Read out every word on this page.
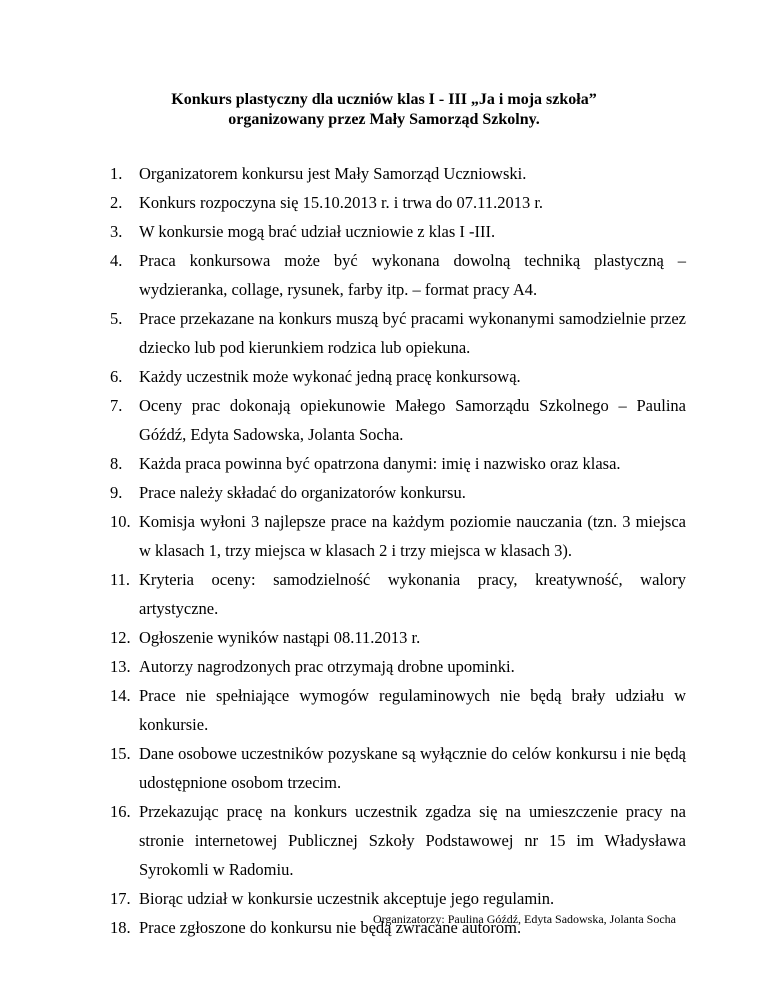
Konkurs plastyczny dla uczniów klas I - III „Ja i moja szkoła”
organizowany przez Mały Samorząd Szkolny.
1. Organizatorem konkursu jest Mały Samorząd Uczniowski.
2. Konkurs rozpoczyna się 15.10.2013 r. i trwa do 07.11.2013 r.
3. W konkursie mogą brać udział uczniowie z klas I -III.
4. Praca konkursowa może być wykonana dowolną techniką plastyczną – wydzieranka, collage, rysunek, farby itp. – format pracy A4.
5. Prace przekazane na konkurs muszą być pracami wykonanymi samodzielnie przez dziecko lub pod kierunkiem rodzica lub opiekuna.
6. Każdy uczestnik może wykonać jedną pracę konkursową.
7. Oceny prac dokonają opiekunowie Małego Samorządu Szkolnego – Paulina Góźdź, Edyta Sadowska, Jolanta Socha.
8. Każda praca powinna być opatrzona danymi: imię i nazwisko oraz klasa.
9. Prace należy składać do organizatorów konkursu.
10. Komisja wyłoni 3 najlepsze prace na każdym poziomie nauczania (tzn. 3 miejsca w klasach 1, trzy miejsca w klasach 2 i trzy miejsca w klasach 3).
11. Kryteria oceny: samodzielność wykonania pracy, kreatywność, walory artystyczne.
12. Ogłoszenie wyników nastąpi 08.11.2013 r.
13. Autorzy nagrodzonych prac otrzymają drobne upominki.
14. Prace nie spełniające wymogów regulaminowych nie będą brały udziału w konkursie.
15. Dane osobowe uczestników pozyskane są wyłącznie do celów konkursu i nie będą udostępnione osobom trzecim.
16. Przekazując pracę na konkurs uczestnik zgadza się na umieszczenie pracy na stronie internetowej Publicznej Szkoły Podstawowej nr 15 im Władysława Syrokomli w Radomiu.
17. Biorąc udział w konkursie uczestnik akceptuje jego regulamin.
18. Prace zgłoszone do konkursu nie będą zwracane autorom.
Organizatorzy: Paulina Góźdź, Edyta Sadowska, Jolanta Socha
